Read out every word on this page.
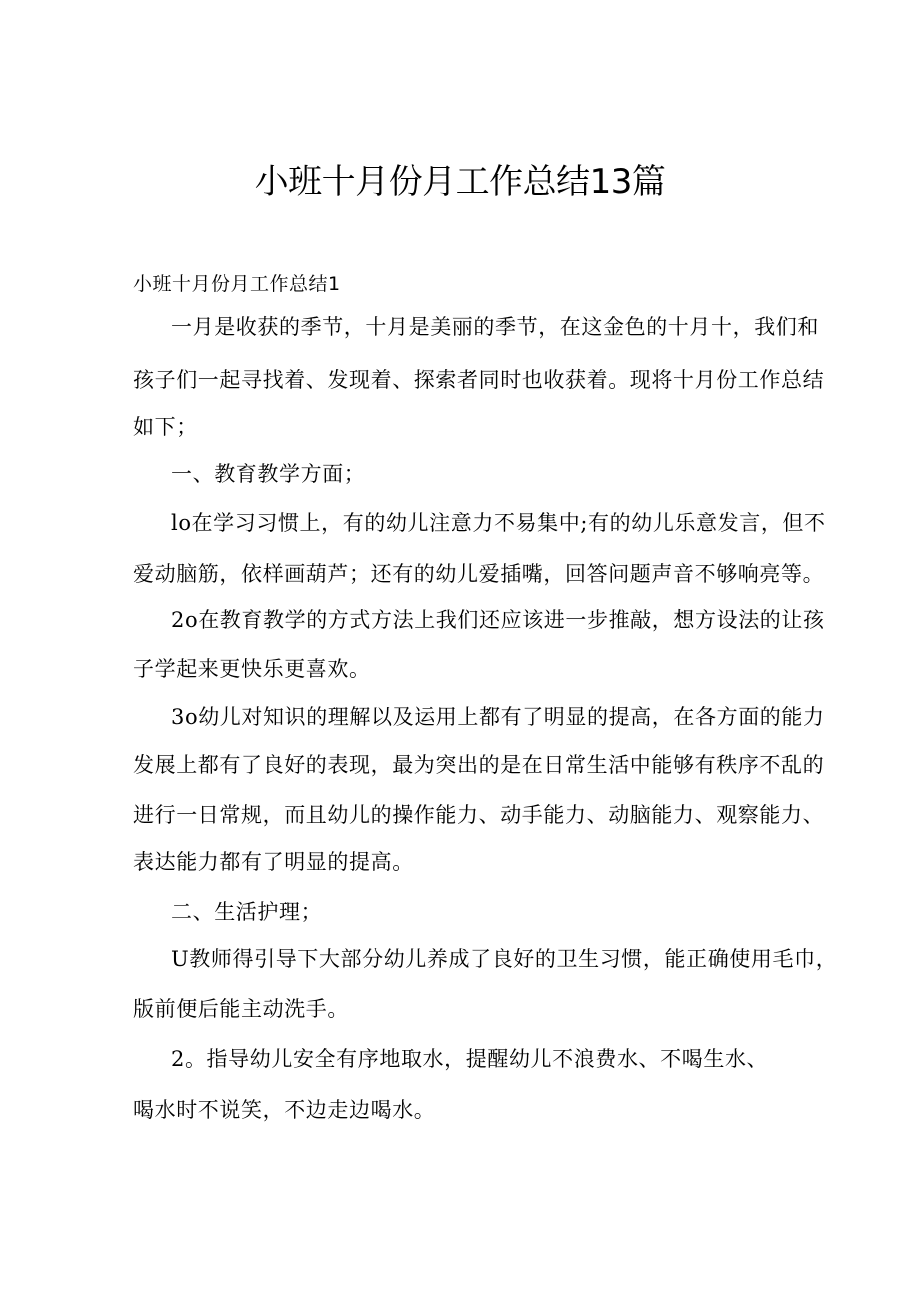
小班十月份月工作总结13篇
小班十月份月工作总结1
一月是收获的季节，十月是美丽的季节，在这金色的十月十，我们和
孩子们一起寻找着、发现着、探索者同时也收获着。现将十月份工作总结
如下；
一、教育教学方面；
lo在学习习惯上，有的幼儿注意力不易集中;有的幼儿乐意发言，但不
爱动脑筋，依样画葫芦；还有的幼儿爱插嘴，回答问题声音不够响亮等。
2o在教育教学的方式方法上我们还应该进一步推敲，想方设法的让孩
子学起来更快乐更喜欢。
3o幼儿对知识的理解以及运用上都有了明显的提高，在各方面的能力
发展上都有了良好的表现，最为突出的是在日常生活中能够有秩序不乱的
进行一日常规，而且幼儿的操作能力、动手能力、动脑能力、观察能力、
表达能力都有了明显的提高。
二、生活护理；
U教师得引导下大部分幼儿养成了良好的卫生习惯，能正确使用毛巾，
版前便后能主动洗手。
2。指导幼儿安全有序地取水，提醒幼儿不浪费水、不喝生水、
喝水时不说笑，不边走边喝水。
